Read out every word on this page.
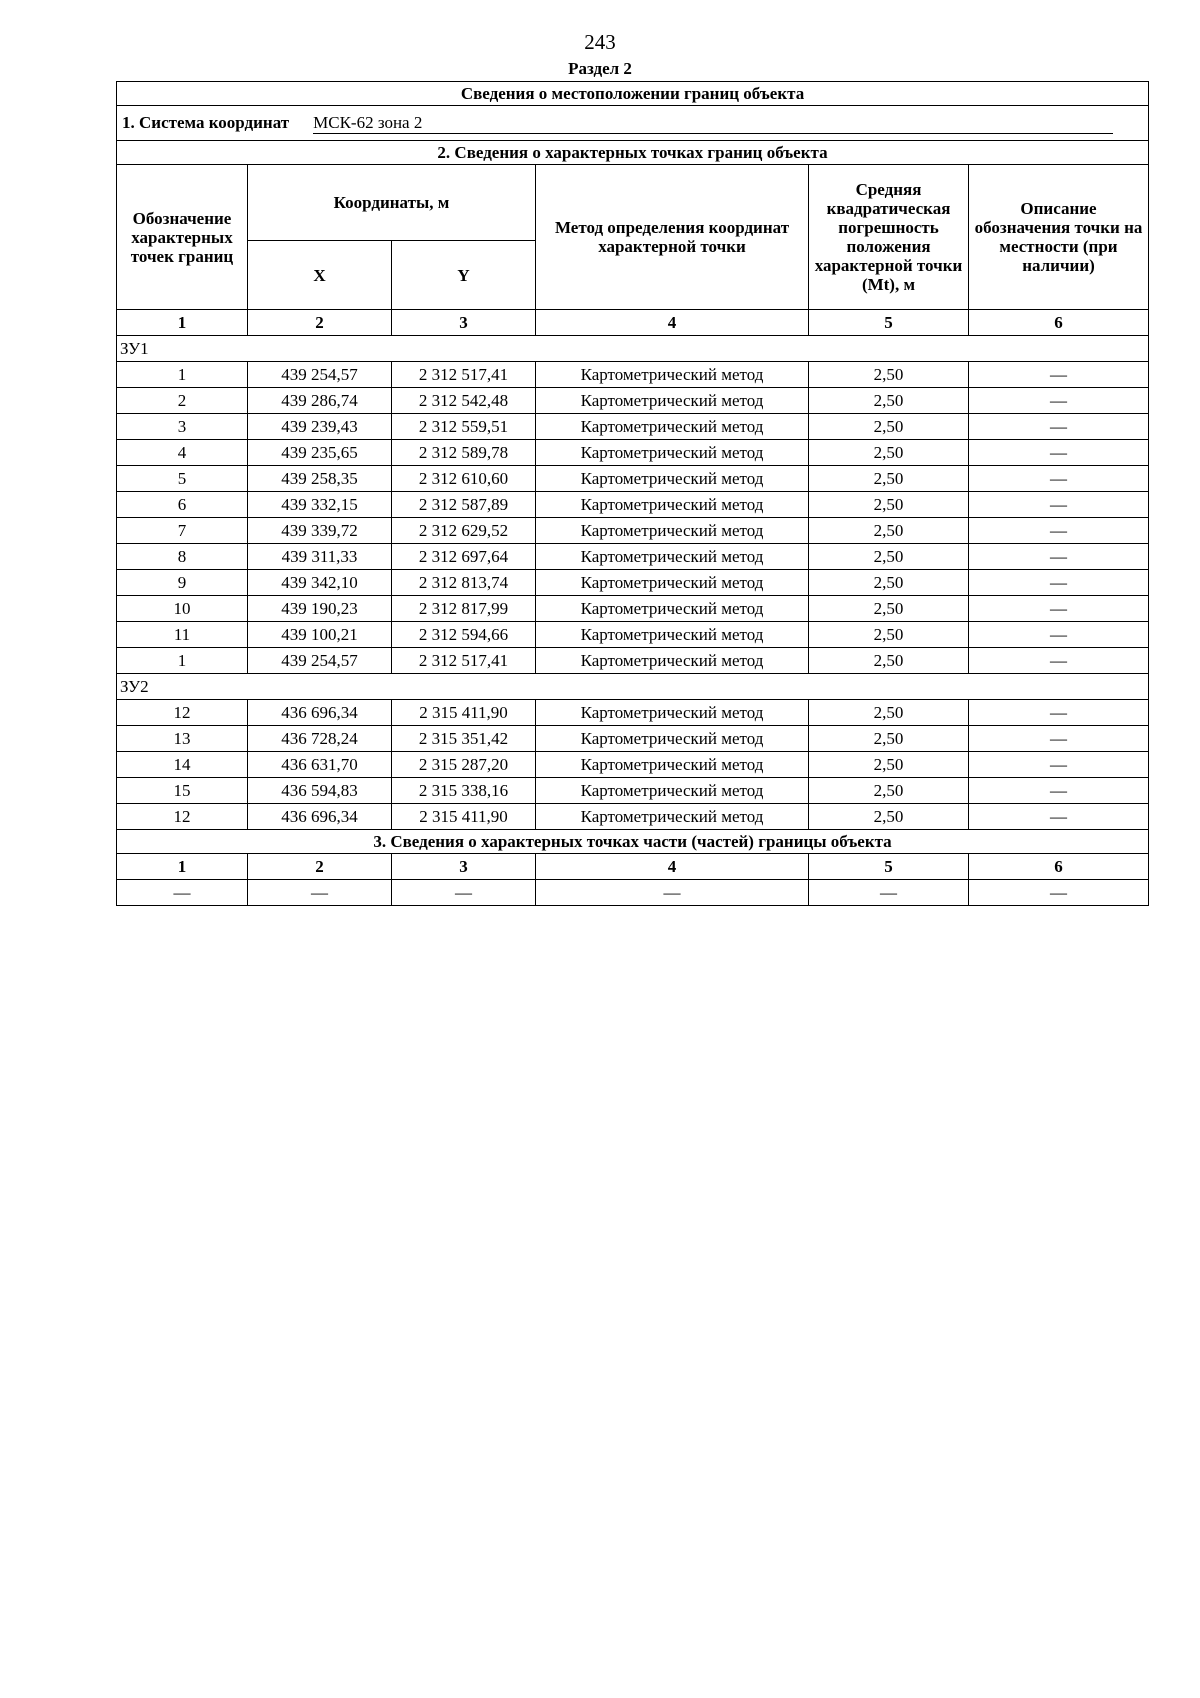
243
Раздел 2
Сведения о местоположении границ объекта					
1. Система координат МСК-62 зона 2					
2. Сведения о характерных точках границ объекта					
Обозначение характерных точек границ	Координаты, м		Метод определения координат характерной точки	Средняя квадратическая погрешность положения характерной точки (Mt), м	Описание обозначения точки на местности (при наличии)
	X	Y			
1	2	3	4	5	6
ЗУ1					
1	439 254,57	2 312 517,41	Картометрический метод	2,50	—
2	439 286,74	2 312 542,48	Картометрический метод	2,50	—
3	439 239,43	2 312 559,51	Картометрический метод	2,50	—
4	439 235,65	2 312 589,78	Картометрический метод	2,50	—
5	439 258,35	2 312 610,60	Картометрический метод	2,50	—
6	439 332,15	2 312 587,89	Картометрический метод	2,50	—
7	439 339,72	2 312 629,52	Картометрический метод	2,50	—
8	439 311,33	2 312 697,64	Картометрический метод	2,50	—
9	439 342,10	2 312 813,74	Картометрический метод	2,50	—
10	439 190,23	2 312 817,99	Картометрический метод	2,50	—
11	439 100,21	2 312 594,66	Картометрический метод	2,50	—
1	439 254,57	2 312 517,41	Картометрический метод	2,50	—
ЗУ2					
12	436 696,34	2 315 411,90	Картометрический метод	2,50	—
13	436 728,24	2 315 351,42	Картометрический метод	2,50	—
14	436 631,70	2 315 287,20	Картометрический метод	2,50	—
15	436 594,83	2 315 338,16	Картометрический метод	2,50	—
12	436 696,34	2 315 411,90	Картометрический метод	2,50	—
3. Сведения о характерных точках части (частей) границы объекта					
1	2	3	4	5	6
—	—	—	—	—	—
